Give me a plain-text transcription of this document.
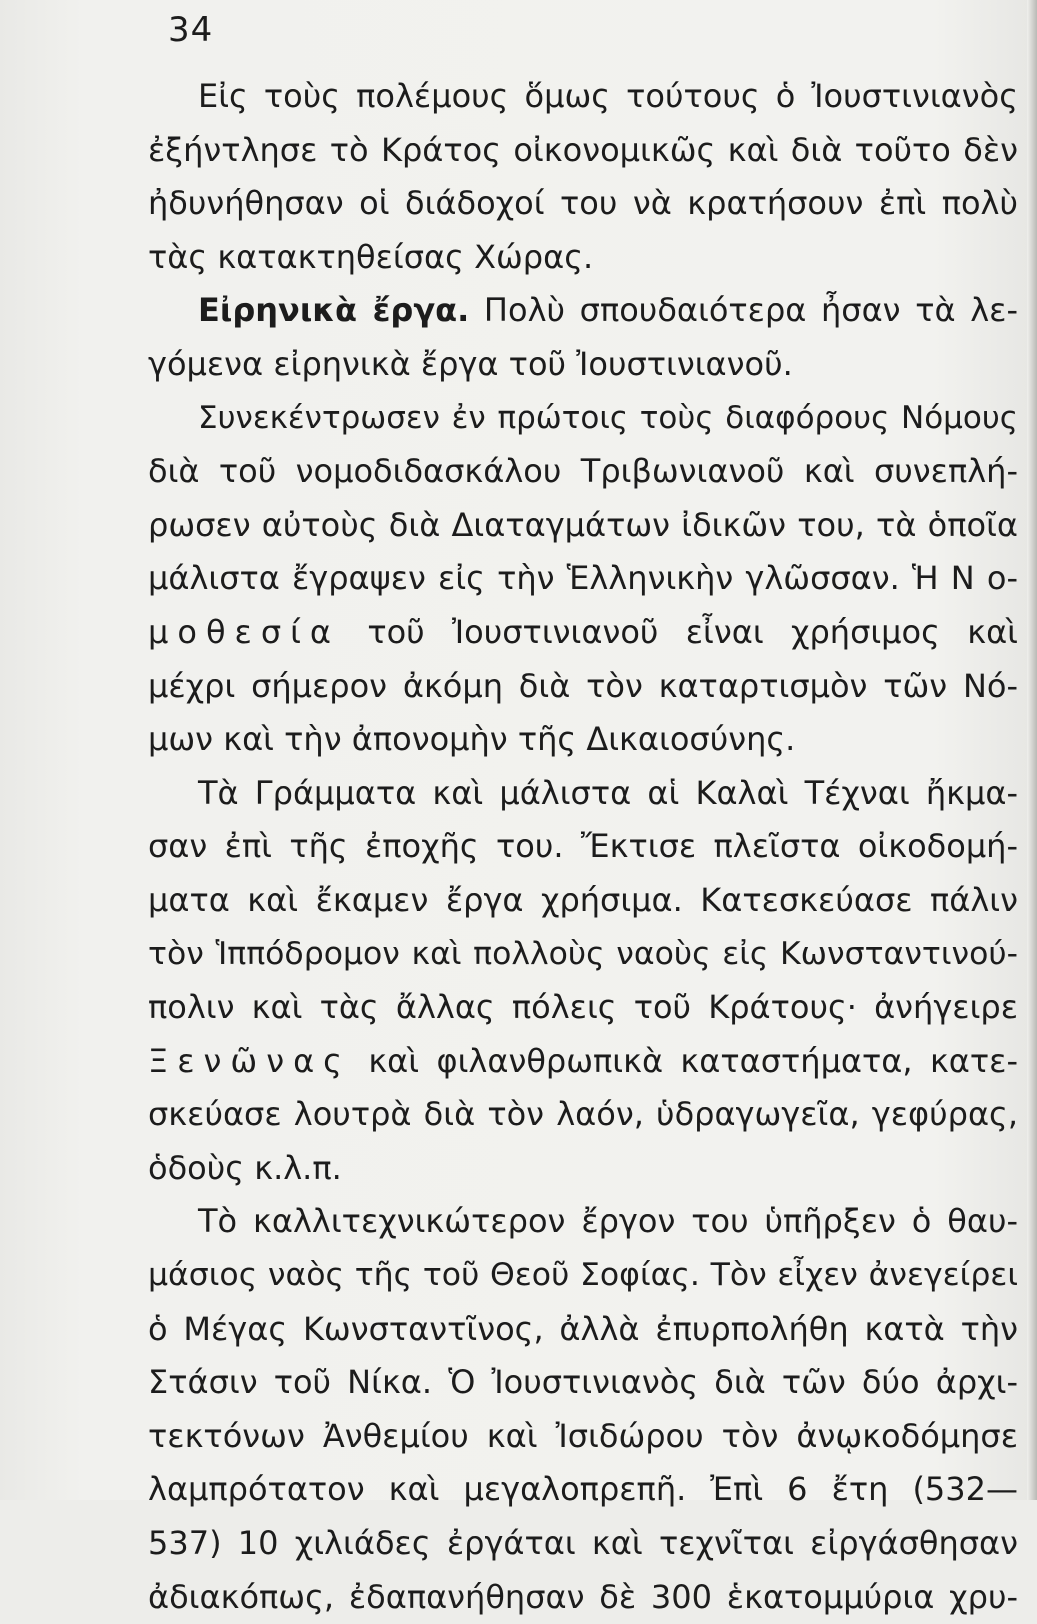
34
Εἰς τοὺς πολέμους ὅμως τούτους ὁ Ἰουστινιανὸς
ἐξήντλησε τὸ Κράτος οἰκονομικῶς καὶ διὰ τοῦτο δὲν
ἠδυνήθησαν οἱ διάδοχοί του νὰ κρατήσουν ἐπὶ πολὺ
τὰς κατακτηθείσας Χώρας.
Εἰρηνικὰ ἔργα. Πολὺ σπουδαιότερα ἦσαν τὰ λε-
γόμενα εἰρηνικὰ ἔργα τοῦ Ἰουστινιανοῦ.
Συνεκέντρωσεν ἐν πρώτοις τοὺς διαφόρους Νόμους
διὰ τοῦ νομοδιδασκάλου Τριβωνιανοῦ καὶ συνεπλή-
ρωσεν αὐτοὺς διὰ Διαταγμάτων ἰδικῶν του, τὰ ὁποῖα
μάλιστα ἔγραψεν εἰς τὴν Ἑλληνικὴν γλῶσσαν. Ἡ Ν ο-
μοθεσία τοῦ Ἰουστινιανοῦ εἶναι χρήσιμος καὶ
μέχρι σήμερον ἀκόμη διὰ τὸν καταρτισμὸν τῶν Νό-
μων καὶ τὴν ἀπονομὴν τῆς Δικαιοσύνης.
Τὰ Γράμματα καὶ μάλιστα αἱ Καλαὶ Τέχναι ἤκμα-
σαν ἐπὶ τῆς ἐποχῆς του. Ἔκτισε πλεῖστα οἰκοδομή-
ματα καὶ ἔκαμεν ἔργα χρήσιμα. Κατεσκεύασε πάλιν
τὸν Ἱππόδρομον καὶ πολλοὺς ναοὺς εἰς Κωνσταντινού-
πολιν καὶ τὰς ἄλλας πόλεις τοῦ Κράτους· ἀνήγειρε
Ξενῶνας καὶ φιλανθρωπικὰ καταστήματα, κατε-
σκεύασε λουτρὰ διὰ τὸν λαόν, ὑδραγωγεῖα, γεφύρας,
ὁδοὺς κ.λ.π.
Τὸ καλλιτεχνικώτερον ἔργον του ὑπῆρξεν ὁ θαυ-
μάσιος ναὸς τῆς τοῦ Θεοῦ Σοφίας. Τὸν εἶχεν ἀνεγείρει
ὁ Μέγας Κωνσταντῖνος, ἀλλὰ ἐπυρπολήθη κατὰ τὴν
Στάσιν τοῦ Νίκα. Ὁ Ἰουστινιανὸς διὰ τῶν δύο ἀρχι-
τεκτόνων Ἀνθεμίου καὶ Ἰσιδώρου τὸν ἀνῳκοδόμησε
λαμπρότατον καὶ μεγαλοπρεπῆ. Ἐπὶ 6 ἔτη (532—
537) 10 χιλιάδες ἐργάται καὶ τεχνῖται εἰργάσθησαν
ἀδιακόπως, ἐδαπανήθησαν δὲ 300 ἑκατομμύρια χρυ-
